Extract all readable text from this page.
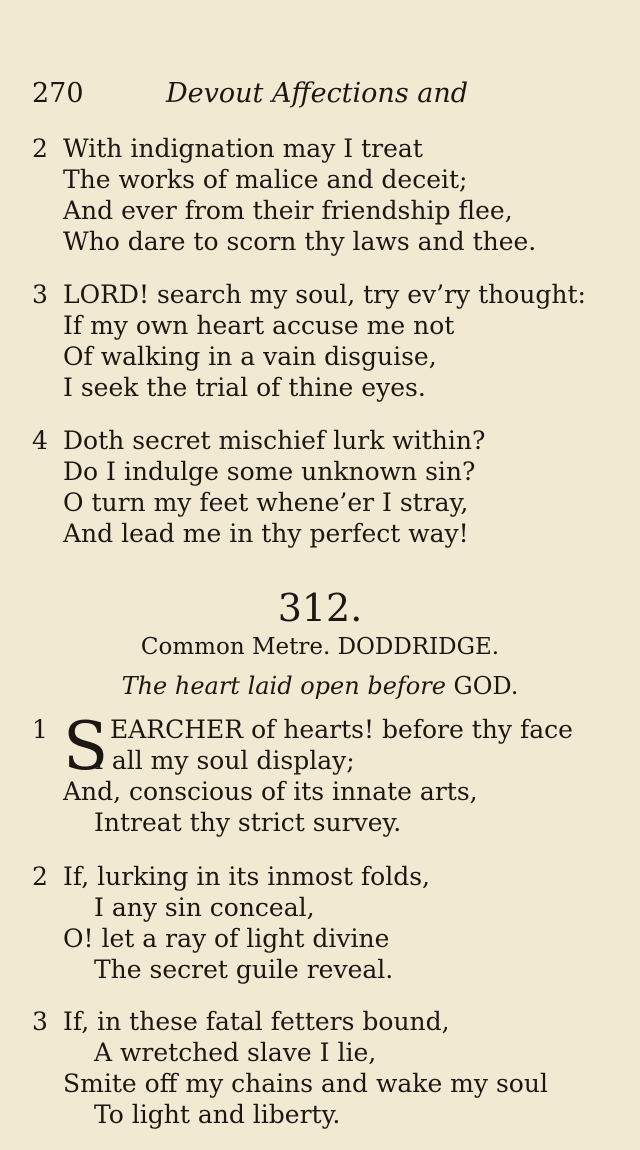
270	Devout Affections and
2 With indignation may I treat
The works of malice and deceit;
And ever from their friendship flee,
Who dare to scorn thy laws and thee.
3 LORD! search my soul, try ev’ry thought:
If my own heart accuse me not
Of walking in a vain disguise,
I seek the trial of thine eyes.
4 Doth secret mischief lurk within?
Do I indulge some unknown sin?
O turn my feet whene’er I stray,
And lead me in thy perfect way!
312.
Common Metre. DODDRIDGE.
The heart laid open before GOD.
S
1 EARCHER of hearts! before thy face
I all my soul display;
And, conscious of its innate arts,
Intreat thy strict survey.
2 If, lurking in its inmost folds,
I any sin conceal,
O! let a ray of light divine
The secret guile reveal.
3 If, in these fatal fetters bound,
A wretched slave I lie,
Smite off my chains and wake my soul
To light and liberty.
